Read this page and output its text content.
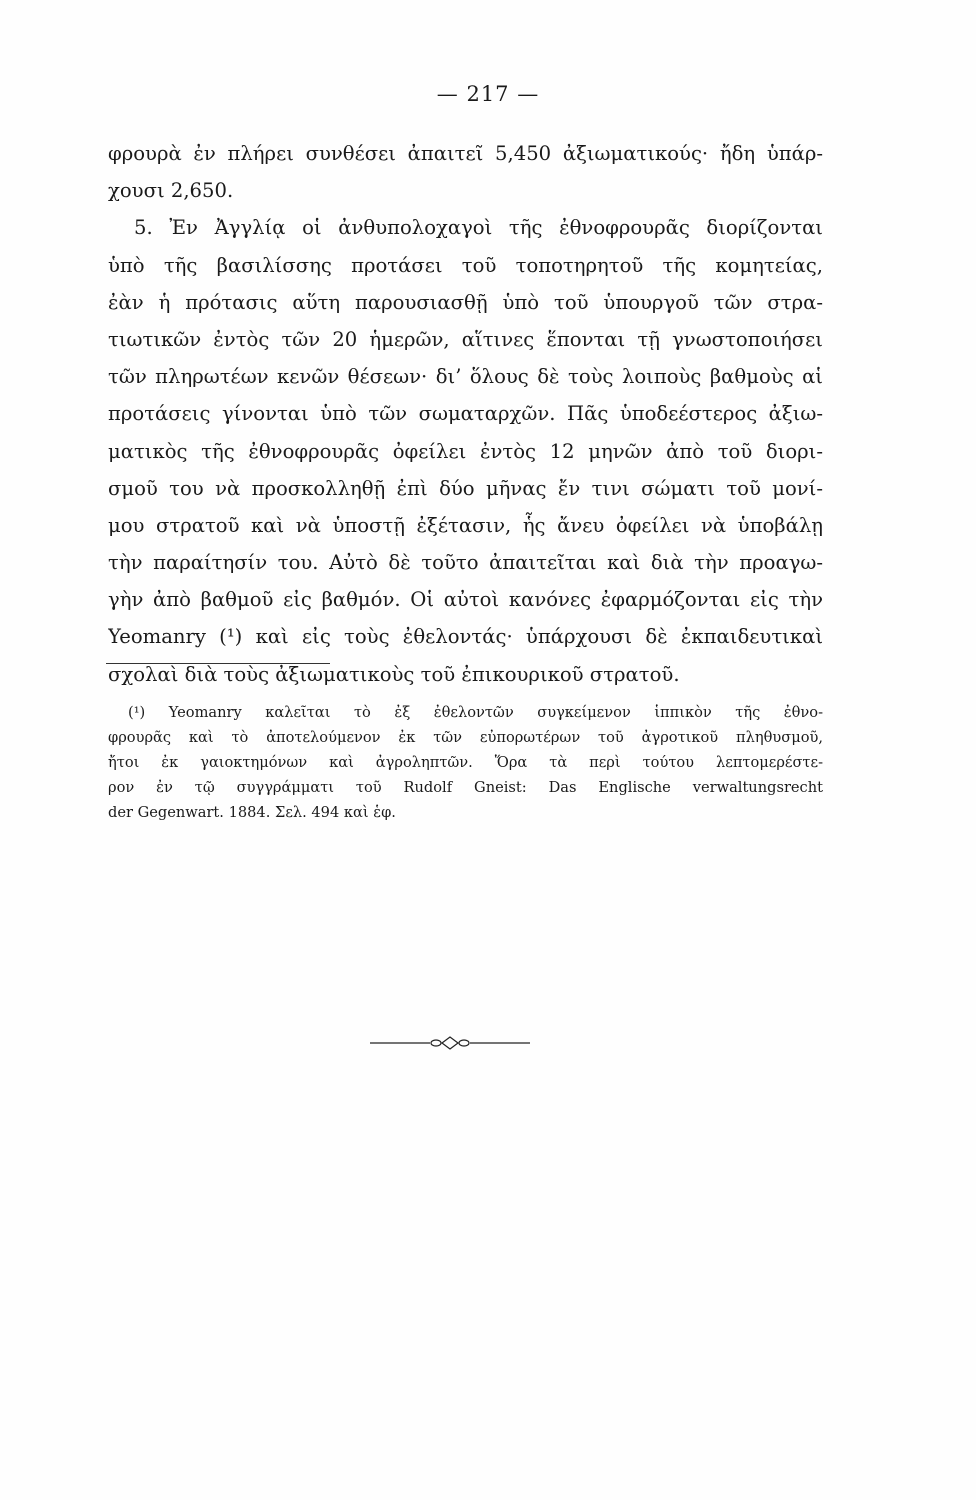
— 217 —
φρουρὰ ἐν πλήρει συνθέσει ἀπαιτεῖ 5,450 ἀξιωματικούς· ἤδη ὑπάρ-
χουσι 2,650.
5. Ἐν Ἀγγλίᾳ οἱ ἀνθυπολοχαγοὶ τῆς ἐθνοφρουρᾶς διορίζονται
ὑπὸ τῆς βασιλίσσης προτάσει τοῦ τοποτηρητοῦ τῆς κομητείας,
ἐὰν ἡ πρότασις αὕτη παρουσιασθῇ ὑπὸ τοῦ ὑπουργοῦ τῶν στρα-
τιωτικῶν ἐντὸς τῶν 20 ἡμερῶν, αἵτινες ἕπονται τῇ γνωστοποιήσει
τῶν πληρωτέων κενῶν θέσεων· δι’ ὅλους δὲ τοὺς λοιποὺς βαθμοὺς αἱ
προτάσεις γίνονται ὑπὸ τῶν σωματαρχῶν. Πᾶς ὑποδεέστερος ἀξιω-
ματικὸς τῆς ἐθνοφρουρᾶς ὀφείλει ἐντὸς 12 μηνῶν ἀπὸ τοῦ διορι-
σμοῦ του νὰ προσκολληθῇ ἐπὶ δύο μῆνας ἔν τινι σώματι τοῦ μονί-
μου στρατοῦ καὶ νὰ ὑποστῇ ἐξέτασιν, ἧς ἄνευ ὀφείλει νὰ ὑποβάλῃ
τὴν παραίτησίν του. Αὐτὸ δὲ τοῦτο ἀπαιτεῖται καὶ διὰ τὴν προαγω-
γὴν ἀπὸ βαθμοῦ εἰς βαθμόν. Οἱ αὐτοὶ κανόνες ἐφαρμόζονται εἰς τὴν
Yeomanry (¹) καὶ εἰς τοὺς ἐθελοντάς· ὑπάρχουσι δὲ ἐκπαιδευτικαὶ
σχολαὶ διὰ τοὺς ἀξιωματικοὺς τοῦ ἐπικουρικοῦ στρατοῦ.
(¹) Yeomanry καλεῖται τὸ ἐξ ἐθελοντῶν συγκείμενον ἱππικὸν τῆς ἐθνο-
φρουρᾶς καὶ τὸ ἀποτελούμενον ἐκ τῶν εὐπορωτέρων τοῦ ἀγροτικοῦ πληθυσμοῦ,
ἤτοι ἐκ γαιοκτημόνων καὶ ἀγροληπτῶν. Ὅρα τὰ περὶ τούτου λεπτομερέστε-
ρον ἐν τῷ συγγράμματι τοῦ Rudolf Gneist: Das Englische verwaltungsrecht
der Gegenwart. 1884. Σελ. 494 καὶ ἑφ.
